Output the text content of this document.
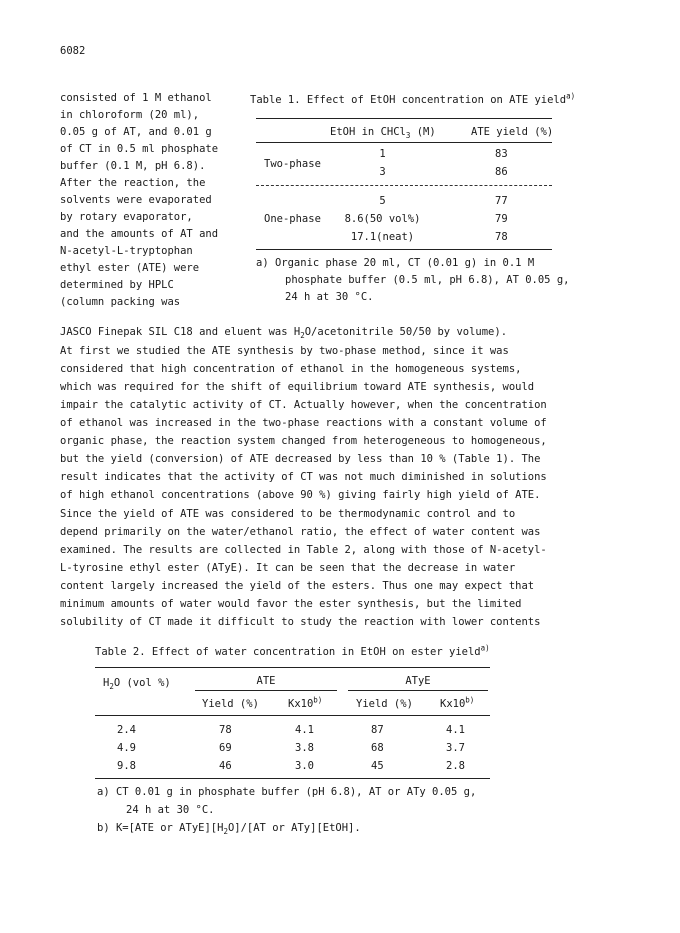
6082
consisted of 1 M ethanol
in chloroform (20 ml),
0.05 g of AT, and 0.01 g
of CT in 0.5 ml phosphate
buffer (0.1 M, pH 6.8).
After the reaction, the
solvents were evaporated
by rotary evaporator,
and the amounts of AT and
N-acetyl-L-tryptophan
ethyl ester (ATE) were
determined by HPLC
(column packing was
Table 1. Effect of EtOH concentration on ATE yield$^{a)}$
EtOH in CHCl$_3$ (M)	ATE yield (%)
Two-phase
1	83
3	86
One-phase
5	77
8.6(50 vol%)	79
17.1(neat)	78
a) Organic phase 20 ml, CT (0.01 g) in 0.1 M
phosphate buffer (0.5 ml, pH 6.8), AT 0.05 g,
24 h at 30 °C.
JASCO Finepak SIL C18 and eluent was $H_2O$/acetonitrile 50/50 by volume).
At first we studied the ATE synthesis by two-phase method, since it was
considered that high concentration of ethanol in the homogeneous systems,
which was required for the shift of equilibrium toward ATE synthesis, would
impair the catalytic activity of CT. Actually however, when the concentration
of ethanol was increased in the two-phase reactions with a constant volume of
organic phase, the reaction system changed from heterogeneous to homogeneous,
but the yield (conversion) of ATE decreased by less than 10 % (Table 1). The
result indicates that the activity of CT was not much diminished in solutions
of high ethanol concentrations (above 90 %) giving fairly high yield of ATE.
Since the yield of ATE was considered to be thermodynamic control and to
depend primarily on the water/ethanol ratio, the effect of water content was
examined. The results are collected in Table 2, along with those of N-acetyl-
L-tyrosine ethyl ester (ATyE). It can be seen that the decrease in water
content largely increased the yield of the esters. Thus one may expect that
minimum amounts of water would favor the ester synthesis, but the limited
solubility of CT made it difficult to study the reaction with lower contents
Table 2. Effect of water concentration in EtOH on ester yield$^{a)}$
$H_2O$ (vol %)	ATE	ATyE
Yield (%)	Kx10$^{b)}$	Yield (%)	Kx10$^{b)}$
2.4	78	4.1	87	4.1
4.9	69	3.8	68	3.7
9.8	46	3.0	45	2.8
a) CT 0.01 g in phosphate buffer (pH 6.8), AT or ATy 0.05 g,
24 h at 30 °C.
b) K=[ATE or $ATyE][H_2O]/[AT$ or ATy][EtOH].
